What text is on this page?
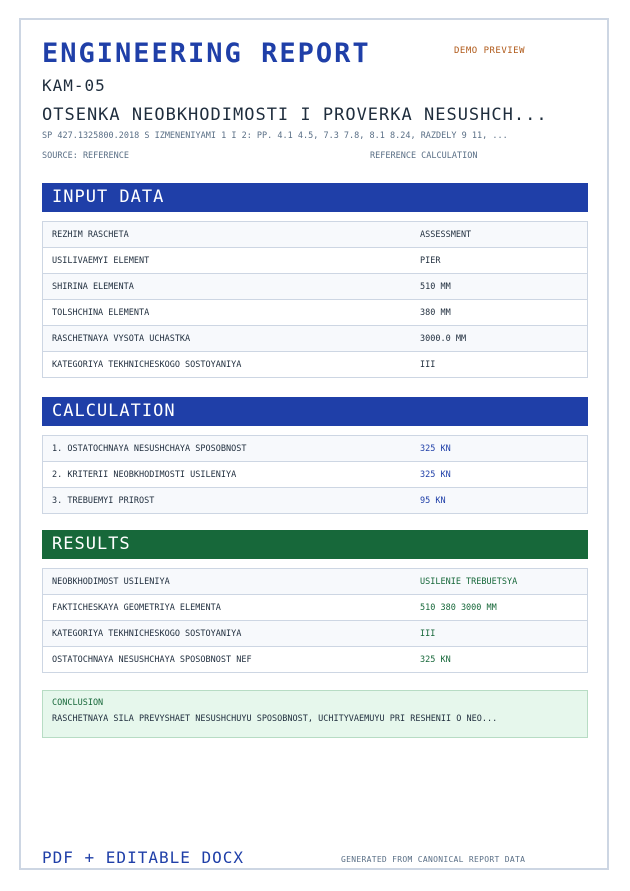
ENGINEERING REPORT	DEMO PREVIEW
KAM-05
OTSENKA NEOBKHODIMOSTI I PROVERKA NESUSHCH...
SP 427.1325800.2018 S IZMENENIYAMI 1 I 2: PP. 4.1 4.5, 7.3 7.8, 8.1 8.24, RAZDELY 9 11, ...
SOURCE: REFERENCE	REFERENCE CALCULATION
INPUT DATA
REZHIM RASCHETA	ASSESSMENT
USILIVAEMYI ELEMENT	PIER
SHIRINA ELEMENTA	510 MM
TOLSHCHINA ELEMENTA	380 MM
RASCHETNAYA VYSOTA UCHASTKA	3000.0 MM
KATEGORIYA TEKHNICHESKOGO SOSTOYANIYA	III
CALCULATION
1. OSTATOCHNAYA NESUSHCHAYA SPOSOBNOST	325 KN
2. KRITERII NEOBKHODIMOSTI USILENIYA	325 KN
3. TREBUEMYI PRIROST	95 KN
RESULTS
NEOBKHODIMOST USILENIYA	USILENIE TREBUETSYA
FAKTICHESKAYA GEOMETRIYA ELEMENTA	510 380 3000 MM
KATEGORIYA TEKHNICHESKOGO SOSTOYANIYA	III
OSTATOCHNAYA NESUSHCHAYA SPOSOBNOST NEF	325 KN
CONCLUSION
RASCHETNAYA SILA PREVYSHAET NESUSHCHUYU SPOSOBNOST, UCHITYVAEMUYU PRI RESHENII O NEO...
PDF + EDITABLE DOCX	GENERATED FROM CANONICAL REPORT DATA
